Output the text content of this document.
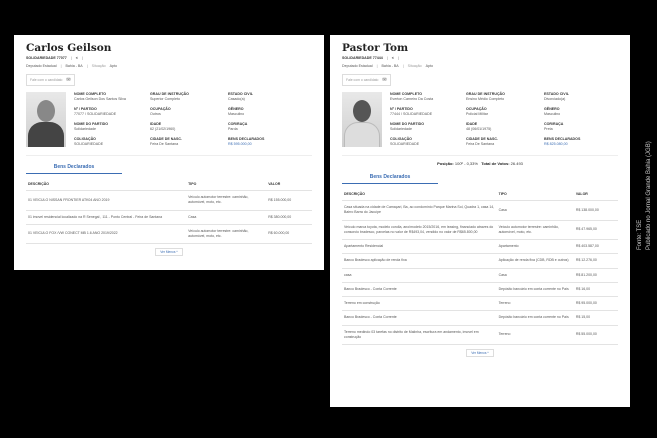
Carlos Geilson
SOLIDARIEDADE 77077 | < |
Deputado Estadual | Bahia - BA | Situação Apto
Fale com o candidato ✉
NOME COMPLETO
Carlos Geilson Dos Santos Silva
GRAU DE INSTRUÇÃO
Superior Completo
ESTADO CIVIL
Casado(a)
Nº / PARTIDO
77077 / SOLIDARIEDADE
OCUPAÇÃO
Outros
GÊNERO
Masculino
NOME DO PARTIDO
Solidariedade
IDADE
62 (21/02/1960)
COR/RAÇA
Parda
COLIGAÇÃO
SOLIDARIEDADE
CIDADE DE NASC.
Feira De Santana
BENS DECLARADOS
R$ 595.000,00
Bens Declarados
DESCRIÇÃO	TIPO	VALOR
01 VEICULO NISSAN FRONTIER ATK04 ANO 2019	Veículo automotor terrestre: caminhão, automóvel, moto, etc.	R$ 155.000,00
01 imovel residencial localizado na R Senegal , 111 - Ponto Central - Feira de Santana	Casa	R$ 380.000,00
01 VEICULO FOX /VW CONECT MB 1.6 ANO 2019/2022	Veículo automotor terrestre: caminhão, automóvel, moto, etc.	R$ 60.000,00
Ver Menos ^
Pastor Tom
SOLIDARIEDADE 77444 | < |
Deputado Estadual | Bahia - BA | Situação Apto
Fale com o candidato ✉
NOME COMPLETO
Everton Carneiro Da Costa
GRAU DE INSTRUÇÃO
Ensino Médio Completo
ESTADO CIVIL
Divorciado(a)
Nº / PARTIDO
77444 / SOLIDARIEDADE
OCUPAÇÃO
Policial Militar
GÊNERO
Masculino
NOME DO PARTIDO
Solidariedade
IDADE
48 (06/01/1975)
COR/RAÇA
Preta
COLIGAÇÃO
SOLIDARIEDADE
CIDADE DE NASC.
Feira De Santana
BENS DECLARADOS
R$ 825.080,00
Posição: 100º - 0,33% Total de Votos: 26.493
Bens Declarados
DESCRIÇÃO	TIPO	VALOR
Casa situada na cidade de Camaçari, Ba, ao condomínio Parque Marina Sol, Quadra 1, casa 14, Bairro Barra do Jacuípe	Casa	R$ 138.000,00
Veículo marca toyota, modelo corolla, ano/modelo 2015/2016, em leasing, financiado atraves do consorcio bradesco, parcelas no valor de R$493,04, vendido no valor de R$65.800,00	Veículo automotor terrestre: caminhão, automóvel, moto, etc.	R$ 47.965,00
Apartamento Residencial	Apartamento	R$ 403.587,00
Banco Bradesco aplicação de renda fixa	Aplicação de renda fixa (CDB, RDB e outros)	R$ 12.276,00
casa	Casa	R$ 81.200,00
Banco Bradesco - Conta Corrente	Depósito bancário em conta corrente no País	R$ 16,00
Terreno em construção	Terreno	R$ 95.000,00
Banco Bradesco - Conta Corrente	Depósito bancário em conta corrente no País	R$ 15,00
Terreno medindo 03 tarefas no distrito de Maiinha, escritura em andamento, imovel em construção	Terreno	R$ 55.000,00
Ver Menos ^
Fonte: TSE Publicado no Jornal Grande Bahia (JGB)
